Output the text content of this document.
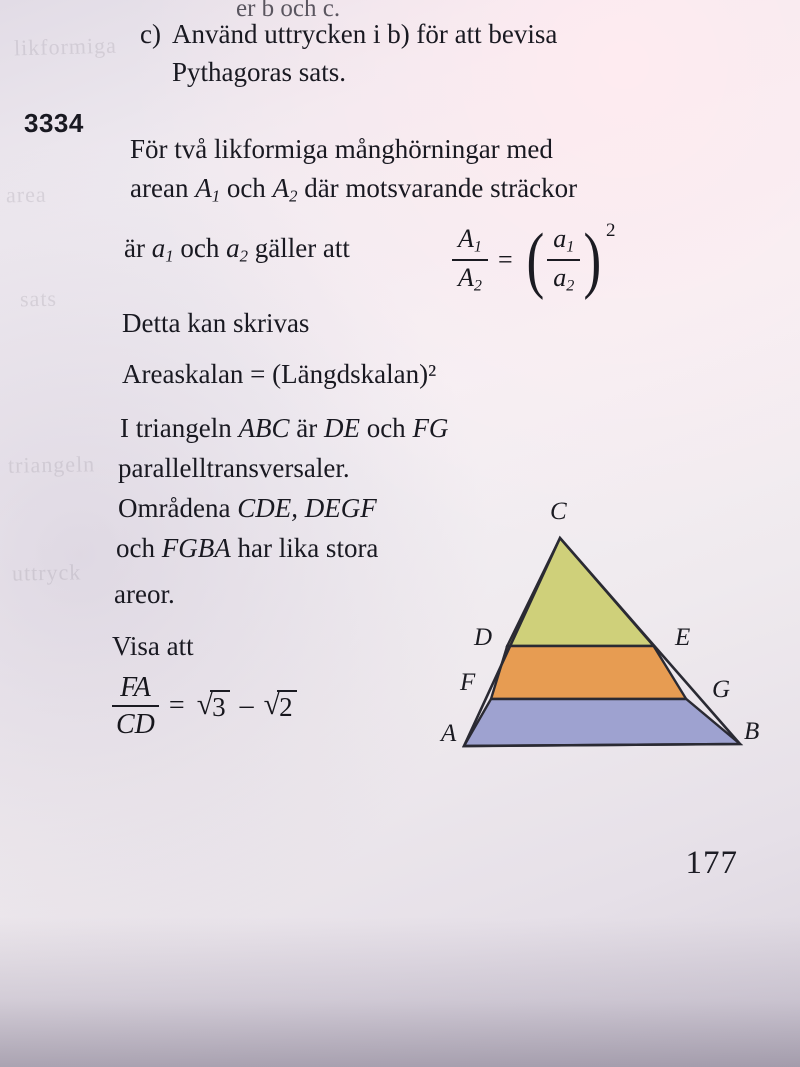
likformiga
area
sats
triangeln
uttryck
er b och c.
c) Använd uttrycken i b) för att bevisa
Pythagoras sats.
3334
För två likformiga månghörningar med
arean $A_1$ och $A_2$ där motsvarande sträckor
är $a_1$ och $a_2$ gäller att	$\frac{A_1}{A_2}$ = ( $\frac{a_1}{a_2}$ ) 2
Detta kan skrivas
Areaskalan = (Längdskalan)²
I triangeln ABC är DE och FG
parallelltransversaler.
Områdena CDE, DEGF
och FGBA har lika stora
areor.
Visa att
$\frac{FA}{CD}$ = √ 3 – √ 2
C
D	E
F	G
A	B
177
